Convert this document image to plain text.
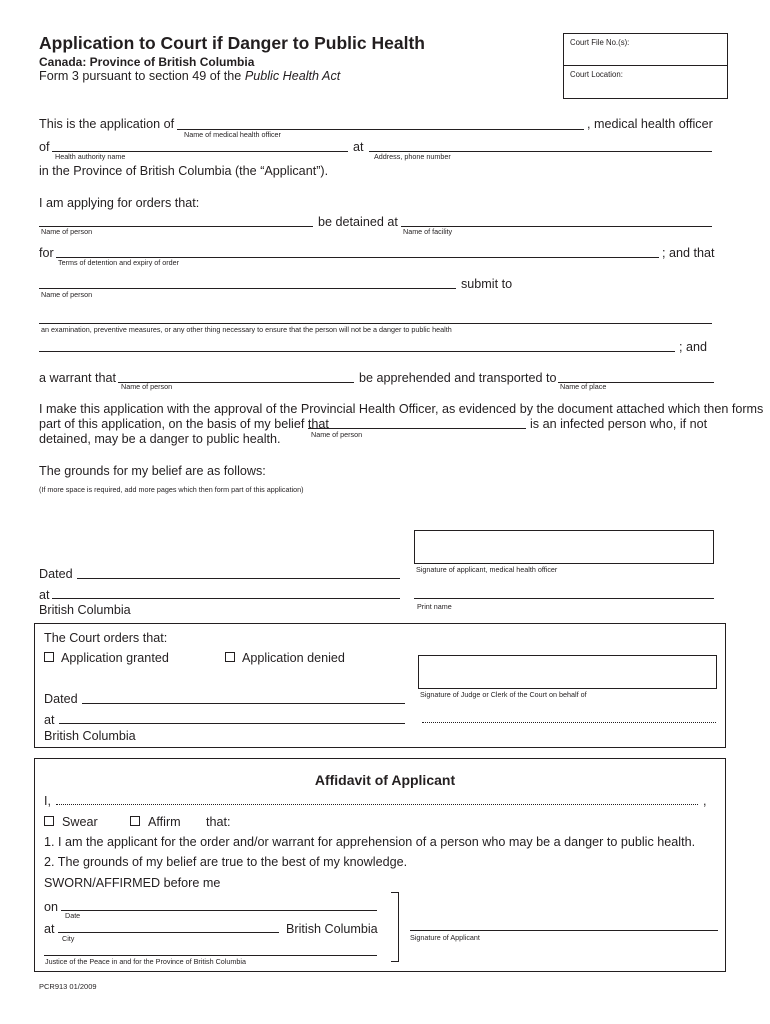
Application to Court if Danger to Public Health
Canada: Province of British Columbia
Form 3 pursuant to section 49 of the Public Health Act
Court File No.(s):
Court Location:
This is the application of
Name of medical health officer
, medical health officer
of
Health authority name
at
Address, phone number
in the Province of British Columbia (the “Applicant”).
I am applying for orders that:
Name of person
be detained at
Name of facility
for
Terms of detention and expiry of order
; and that
Name of person
submit to
an examination, preventive measures, or any other thing necessary to ensure that the person will not be a danger to public health
; and
a warrant that
Name of person
be apprehended and transported to
Name of place
I make this application with the approval of the Provincial Health Officer, as evidenced by the document attached which then forms
part of this application, on the basis of my belief that
Name of person
is an infected person who, if not
detained, may be a danger to public health.
The grounds for my belief are as follows:
(If more space is required, add more pages which then form part of this application)
Signature of applicant, medical health officer
Dated
at
British Columbia	Print name
The Court orders that:
Application granted	Application denied
Signature of Judge or Clerk of the Court on behalf of
Dated
at
British Columbia
Affidavit of Applicant
I,	,
Swear	Affirm that:
1. I am the applicant for the order and/or warrant for apprehension of a person who may be a danger to public health.
2. The grounds of my belief are true to the best of my knowledge.
SWORN/AFFIRMED before me
on
Date
at
City
British Columbia
Justice of the Peace in and for the Province of British Columbia
Signature of Applicant
PCR913 01/2009
